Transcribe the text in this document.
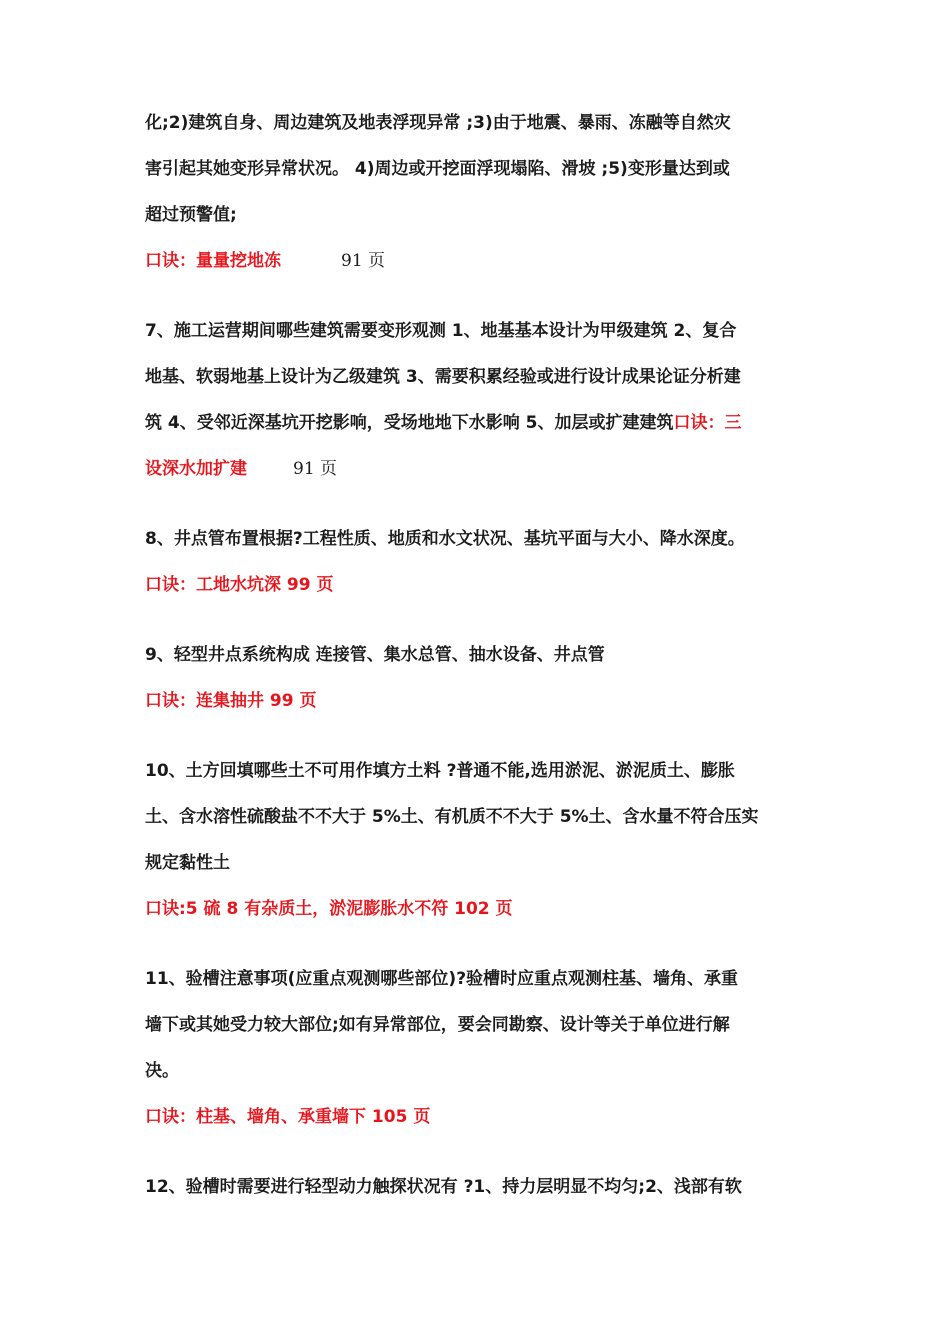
化;2)建筑自身、周边建筑及地表浮现异常 ;3)由于地震、暴雨、冻融等自然灾
害引起其她变形异常状况。 4)周边或开挖面浮现塌陷、滑坡 ;5)变形量达到或
超过预警值;
口诀：量量挖地冻	91 页
7、施工运营期间哪些建筑需要变形观测 1、地基基本设计为甲级建筑 2、复合
地基、软弱地基上设计为乙级建筑 3、需要积累经验或进行设计成果论证分析建
筑 4、受邻近深基坑开挖影响，受场地地下水影响 5、加层或扩建建筑口诀：三
设深水加扩建	91 页
8、井点管布置根据?工程性质、地质和水文状况、基坑平面与大小、降水深度。
口诀：工地水坑深 99 页
9、轻型井点系统构成 连接管、集水总管、抽水设备、井点管
口诀：连集抽井 99 页
10、土方回填哪些土不可用作填方土料 ?普通不能,选用淤泥、淤泥质土、膨胀
土、含水溶性硫酸盐不不大于 5%土、有机质不不大于 5%土、含水量不符合压实
规定黏性土
口诀:5 硫 8 有杂质土，淤泥膨胀水不符 102 页
11、验槽注意事项(应重点观测哪些部位)?验槽时应重点观测柱基、墙角、承重
墙下或其她受力较大部位;如有异常部位，要会同勘察、设计等关于单位进行解
决。
口诀：柱基、墙角、承重墙下 105 页
12、验槽时需要进行轻型动力触探状况有 ?1、持力层明显不均匀;2、浅部有软
